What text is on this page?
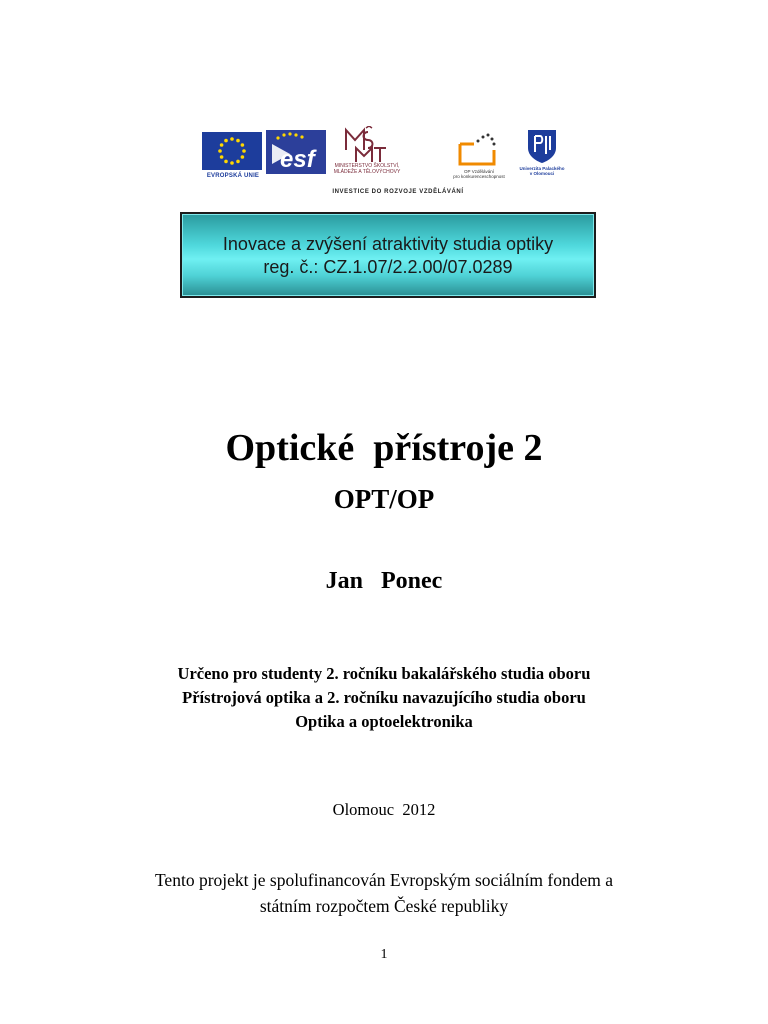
EVROPSKÁ UNIE
esf	MINISTERSTVO ŠKOLSTVÍ,
MLÁDEŽE A TĚLOVÝCHOVY	OP Vzdělávání
pro konkurenceschopnost
Univerzita Palackého
v Olomouci
INVESTICE DO ROZVOJE VZDĚLÁVÁNÍ
Inovace a zvýšení atraktivity studia optiky
reg. č.: CZ.1.07/2.2.00/07.0289
Optické  přístroje 2
OPT/OP
Jan   Ponec
Určeno pro studenty 2. ročníku bakalářského studia oboru
Přístrojová optika a 2. ročníku navazujícího studia oboru
Optika a optoelektronika
Olomouc  2012
Tento projekt je spolufinancován Evropským sociálním fondem a
státním rozpočtem České republiky
1
